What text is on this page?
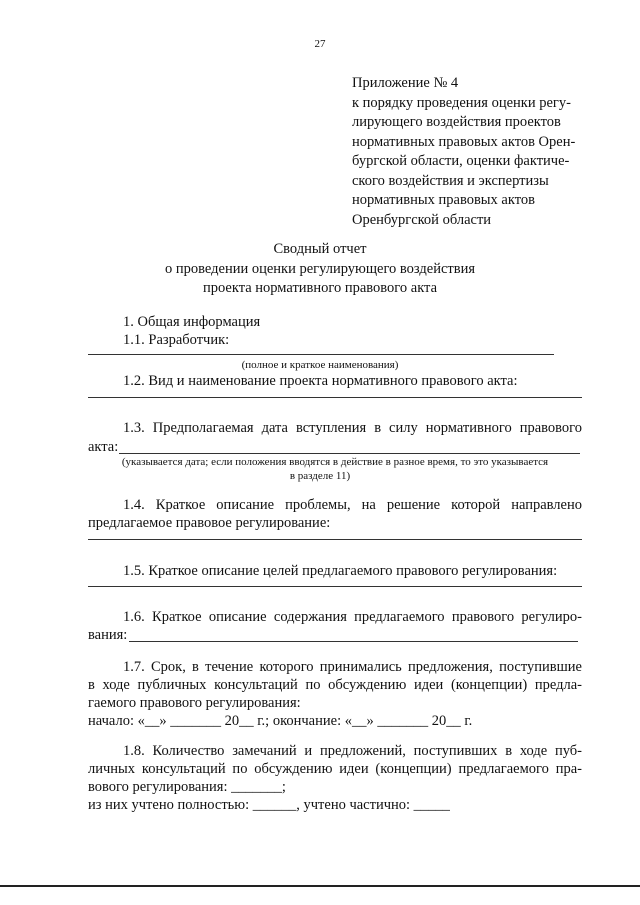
27
Приложение № 4
к порядку проведения оценки регу-
лирующего воздействия проектов
нормативных правовых актов Орен-
бургской области, оценки фактиче-
ского воздействия и экспертизы
нормативных правовых актов
Оренбургской области
Сводный отчет
о проведении оценки регулирующего воздействия
проекта нормативного правового акта
1. Общая информация
1.1. Разработчик:
(полное и краткое наименования)
1.2. Вид и наименование проекта нормативного правового акта:
1.3. Предполагаемая дата вступления в силу нормативного правового
акта:
(указывается дата; если положения вводятся в действие в разное время, то это указывается
в разделе 11)
1.4. Краткое описание проблемы, на решение которой направлено
предлагаемое правовое регулирование:
1.5. Краткое описание целей предлагаемого правового регулирования:
1.6. Краткое описание содержания предлагаемого правового регулиро-
вания:
1.7. Срок, в течение которого принимались предложения, поступившие
в ходе публичных консультаций по обсуждению идеи (концепции) предла-
гаемого правового регулирования:
начало: «__» _______ 20__ г.; окончание: «__» _______ 20__ г.
1.8. Количество замечаний и предложений, поступивших в ходе пуб-
личных консультаций по обсуждению идеи (концепции) предлагаемого пра-
вового регулирования: _______;
из них учтено полностью: ______, учтено частично: _____
